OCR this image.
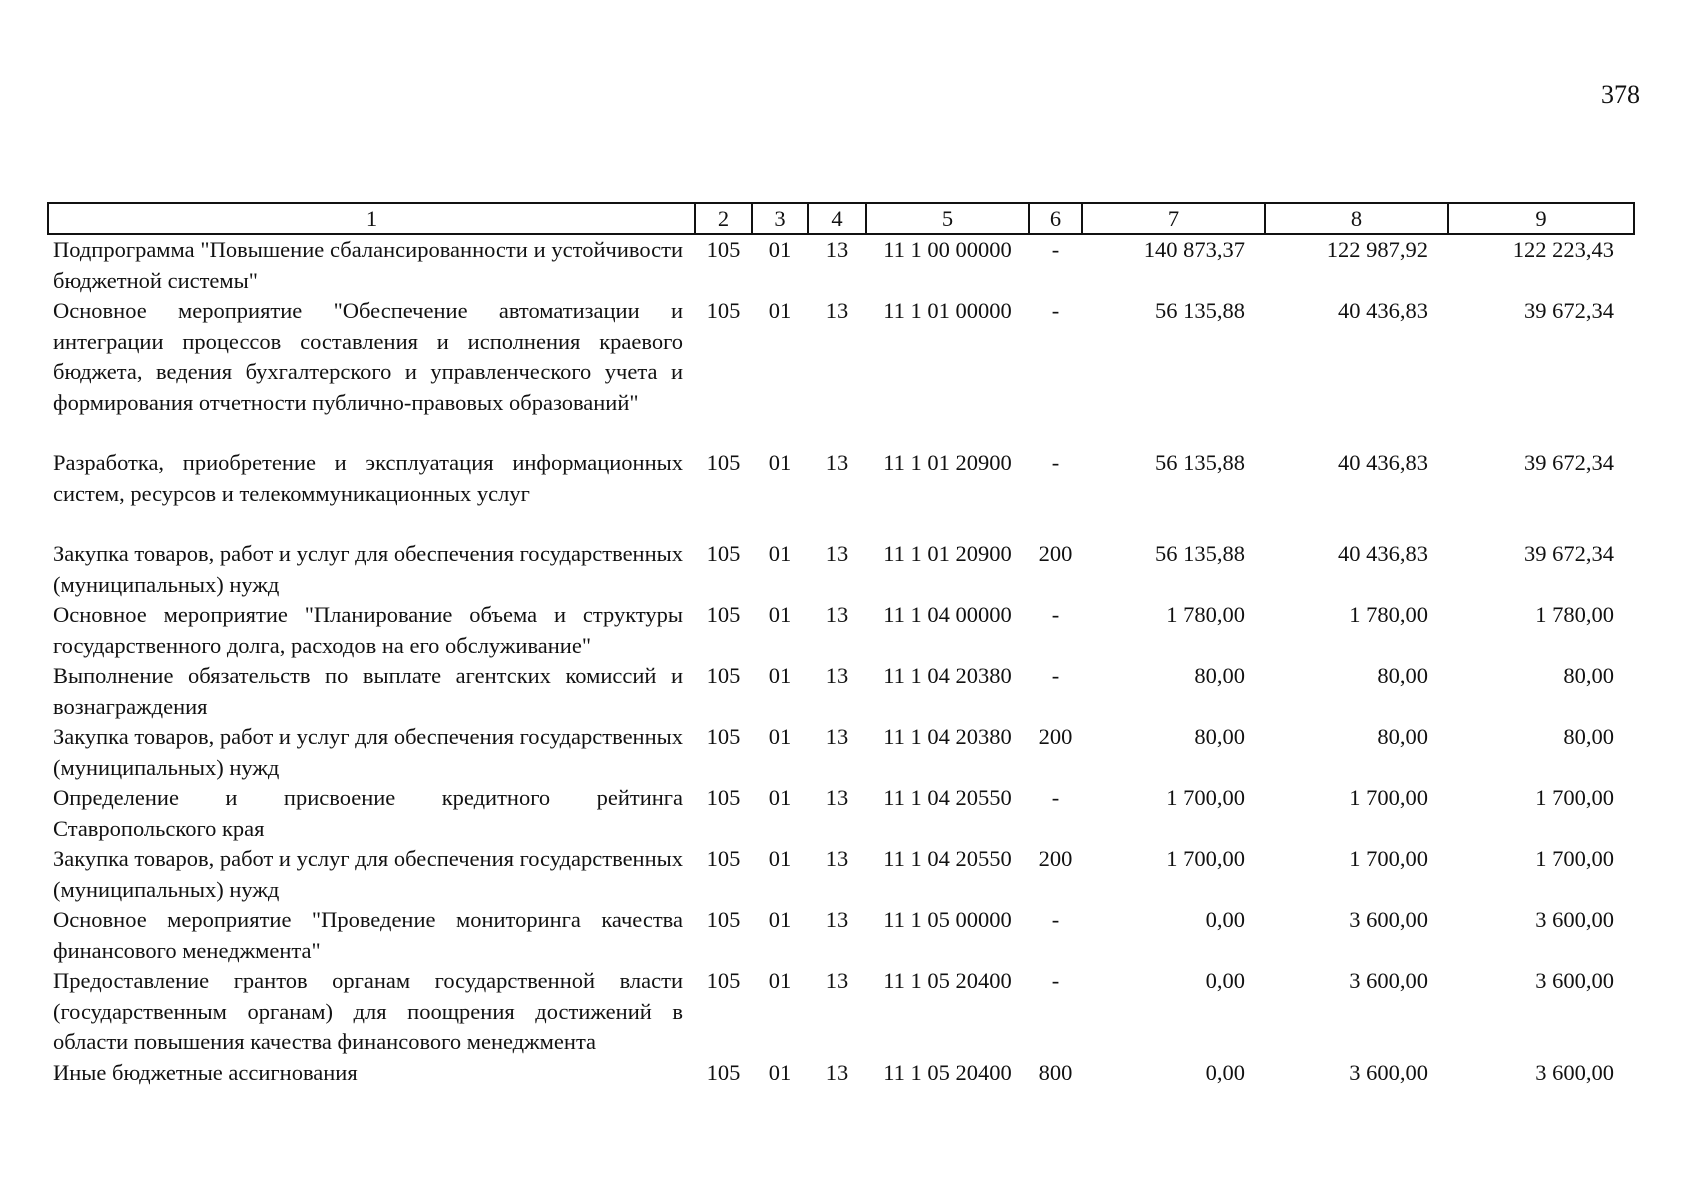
378
1	2	3	4	5	6	7	8	9
Подпрограмма "Повышение сбалансированности и устойчивости бюджетной системы"	105	01	13	11 1 00 00000	-	140 873,37	122 987,92	122 223,43
Основное мероприятие "Обеспечение автоматизации и интеграции процессов составления и исполнения краевого бюджета, ведения бухгалтерского и управленческого учета и формирования отчетности публично-правовых образований"	105	01	13	11 1 01 00000	-	56 135,88	40 436,83	39 672,34
Разработка, приобретение и эксплуатация информационных систем, ресурсов и телекоммуникационных услуг	105	01	13	11 1 01 20900	-	56 135,88	40 436,83	39 672,34
Закупка товаров, работ и услуг для обеспечения государственных (муниципальных) нужд	105	01	13	11 1 01 20900	200	56 135,88	40 436,83	39 672,34
Основное мероприятие "Планирование объема и структуры государственного долга, расходов на его обслуживание"	105	01	13	11 1 04 00000	-	1 780,00	1 780,00	1 780,00
Выполнение обязательств по выплате агентских комиссий и вознаграждения	105	01	13	11 1 04 20380	-	80,00	80,00	80,00
Закупка товаров, работ и услуг для обеспечения государственных (муниципальных) нужд	105	01	13	11 1 04 20380	200	80,00	80,00	80,00
Определение и присвоение кредитного рейтинга Ставропольского края	105	01	13	11 1 04 20550	-	1 700,00	1 700,00	1 700,00
Закупка товаров, работ и услуг для обеспечения государственных (муниципальных) нужд	105	01	13	11 1 04 20550	200	1 700,00	1 700,00	1 700,00
Основное мероприятие "Проведение мониторинга качества финансового менеджмента"	105	01	13	11 1 05 00000	-	0,00	3 600,00	3 600,00
Предоставление грантов органам государственной власти (государственным органам) для поощрения достижений в области повышения качества финансового менеджмента	105	01	13	11 1 05 20400	-	0,00	3 600,00	3 600,00
Иные бюджетные ассигнования	105	01	13	11 1 05 20400	800	0,00	3 600,00	3 600,00
